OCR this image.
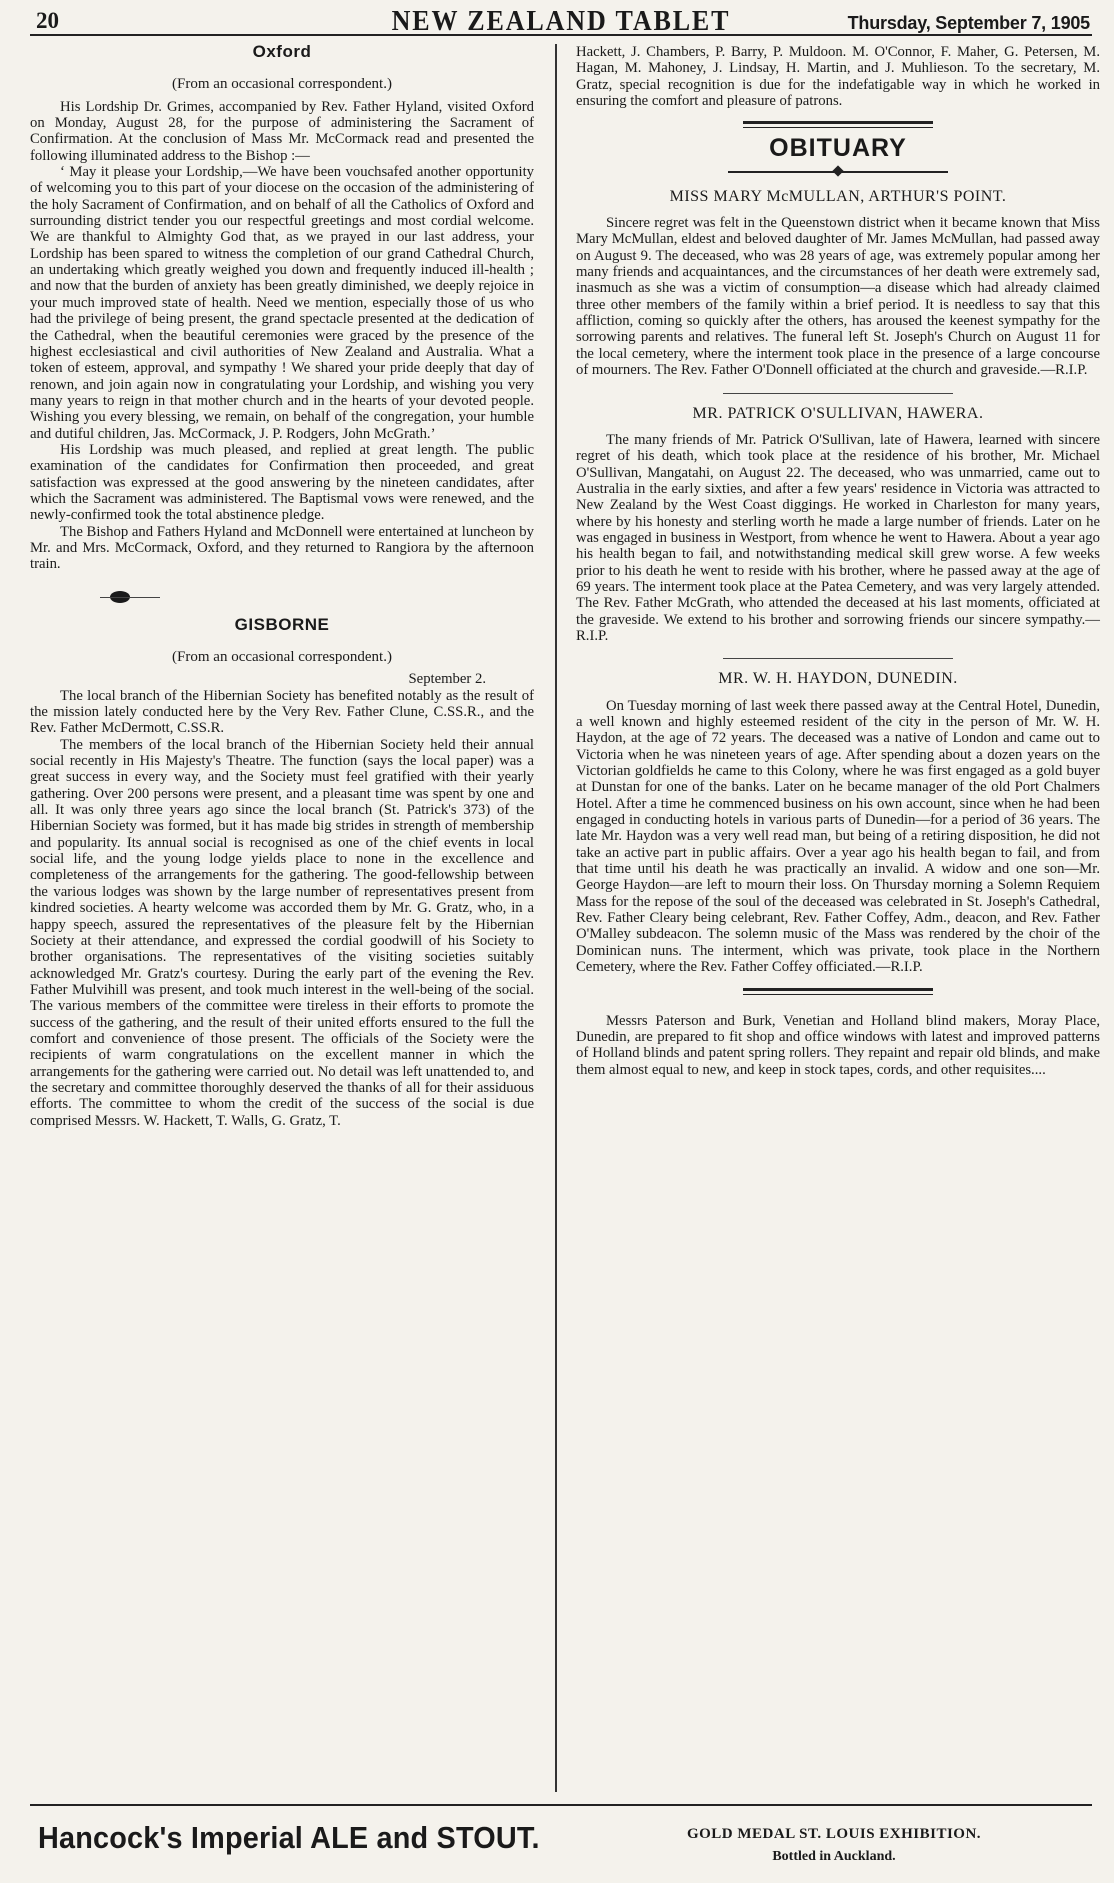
20	NEW ZEALAND TABLET	Thursday, September 7, 1905
Oxford
(From an occasional correspondent.)

His Lordship Dr. Grimes, accompanied by Rev. Father Hyland, visited Oxford on Monday, August 28, for the purpose of administering the Sacrament of Confirmation. At the conclusion of Mass Mr. McCormack read and presented the following illuminated address to the Bishop :—

‘ May it please your Lordship,—We have been vouchsafed another opportunity of welcoming you to this part of your diocese on the occasion of the administering of the holy Sacrament of Confirmation, and on behalf of all the Catholics of Oxford and surrounding district tender you our respectful greetings and most cordial welcome. We are thankful to Almighty God that, as we prayed in our last address, your Lordship has been spared to witness the completion of our grand Cathedral Church, an undertaking which greatly weighed you down and frequently induced ill-health ; and now that the burden of anxiety has been greatly diminished, we deeply rejoice in your much improved state of health. Need we mention, especially those of us who had the privilege of being present, the grand spectacle presented at the dedication of the Cathedral, when the beautiful ceremonies were graced by the presence of the highest ecclesiastical and civil authorities of New Zealand and Australia. What a token of esteem, approval, and sympathy ! We shared your pride deeply that day of renown, and join again now in congratulating your Lordship, and wishing you very many years to reign in that mother church and in the hearts of your devoted people. Wishing you every blessing, we remain, on behalf of the congregation, your humble and dutiful children, Jas. McCormack, J. P. Rodgers, John McGrath.’

His Lordship was much pleased, and replied at great length. The public examination of the candidates for Confirmation then proceeded, and great satisfaction was expressed at the good answering by the nineteen candidates, after which the Sacrament was administered. The Baptismal vows were renewed, and the newly-confirmed took the total abstinence pledge.

The Bishop and Fathers Hyland and McDonnell were entertained at luncheon by Mr. and Mrs. McCormack, Oxford, and they returned to Rangiora by the afternoon train.

GISBORNE
(From an occasional correspondent.)
September 2.

The local branch of the Hibernian Society has benefited notably as the result of the mission lately conducted here by the Very Rev. Father Clune, C.SS.R., and the Rev. Father McDermott, C.SS.R.

The members of the local branch of the Hibernian Society held their annual social recently in His Majesty's Theatre. The function (says the local paper) was a great success in every way, and the Society must feel gratified with their yearly gathering. Over 200 persons were present, and a pleasant time was spent by one and all. It was only three years ago since the local branch (St. Patrick's 373) of the Hibernian Society was formed, but it has made big strides in strength of membership and popularity. Its annual social is recognised as one of the chief events in local social life, and the young lodge yields place to none in the excellence and completeness of the arrangements for the gathering. The good-fellowship between the various lodges was shown by the large number of representatives present from kindred societies. A hearty welcome was accorded them by Mr. G. Gratz, who, in a happy speech, assured the representatives of the pleasure felt by the Hibernian Society at their attendance, and expressed the cordial goodwill of his Society to brother organisations. The representatives of the visiting societies suitably acknowledged Mr. Gratz's courtesy. During the early part of the evening the Rev. Father Mulvihill was present, and took much interest in the well-being of the social. The various members of the committee were tireless in their efforts to promote the success of the gathering, and the result of their united efforts ensured to the full the comfort and convenience of those present. The officials of the Society were the recipients of warm congratulations on the excellent manner in which the arrangements for the gathering were carried out. No detail was left unattended to, and the secretary and committee thoroughly deserved the thanks of all for their assiduous efforts. The committee to whom the credit of the success of the social is due comprised Messrs. W. Hackett, T. Walls, G. Gratz, T.

Hackett, J. Chambers, P. Barry, P. Muldoon. M. O'Connor, F. Maher, G. Petersen, M. Hagan, M. Mahoney, J. Lindsay, H. Martin, and J. Muhlieson. To the secretary, M. Gratz, special recognition is due for the indefatigable way in which he worked in ensuring the comfort and pleasure of patrons.

OBITUARY
MISS MARY McMULLAN, ARTHUR'S POINT.

Sincere regret was felt in the Queenstown district when it became known that Miss Mary McMullan, eldest and beloved daughter of Mr. James McMullan, had passed away on August 9. The deceased, who was 28 years of age, was extremely popular among her many friends and acquaintances, and the circumstances of her death were extremely sad, inasmuch as she was a victim of consumption—a disease which had already claimed three other members of the family within a brief period. It is needless to say that this affliction, coming so quickly after the others, has aroused the keenest sympathy for the sorrowing parents and relatives. The funeral left St. Joseph's Church on August 11 for the local cemetery, where the interment took place in the presence of a large concourse of mourners. The Rev. Father O'Donnell officiated at the church and graveside.—R.I.P.

MR. PATRICK O'SULLIVAN, HAWERA.

The many friends of Mr. Patrick O'Sullivan, late of Hawera, learned with sincere regret of his death, which took place at the residence of his brother, Mr. Michael O'Sullivan, Mangatahi, on August 22. The deceased, who was unmarried, came out to Australia in the early sixties, and after a few years' residence in Victoria was attracted to New Zealand by the West Coast diggings. He worked in Charleston for many years, where by his honesty and sterling worth he made a large number of friends. Later on he was engaged in business in Westport, from whence he went to Hawera. About a year ago his health began to fail, and notwithstanding medical skill grew worse. A few weeks prior to his death he went to reside with his brother, where he passed away at the age of 69 years. The interment took place at the Patea Cemetery, and was very largely attended. The Rev. Father McGrath, who attended the deceased at his last moments, officiated at the graveside. We extend to his brother and sorrowing friends our sincere sympathy.—R.I.P.

MR. W. H. HAYDON, DUNEDIN.

On Tuesday morning of last week there passed away at the Central Hotel, Dunedin, a well known and highly esteemed resident of the city in the person of Mr. W. H. Haydon, at the age of 72 years. The deceased was a native of London and came out to Victoria when he was nineteen years of age. After spending about a dozen years on the Victorian goldfields he came to this Colony, where he was first engaged as a gold buyer at Dunstan for one of the banks. Later on he became manager of the old Port Chalmers Hotel. After a time he commenced business on his own account, since when he had been engaged in conducting hotels in various parts of Dunedin—for a period of 36 years. The late Mr. Haydon was a very well read man, but being of a retiring disposition, he did not take an active part in public affairs. Over a year ago his health began to fail, and from that time until his death he was practically an invalid. A widow and one son—Mr. George Haydon—are left to mourn their loss. On Thursday morning a Solemn Requiem Mass for the repose of the soul of the deceased was celebrated in St. Joseph's Cathedral, Rev. Father Cleary being celebrant, Rev. Father Coffey, Adm., deacon, and Rev. Father O'Malley subdeacon. The solemn music of the Mass was rendered by the choir of the Dominican nuns. The interment, which was private, took place in the Northern Cemetery, where the Rev. Father Coffey officiated.—R.I.P.

Messrs Paterson and Burk, Venetian and Holland blind makers, Moray Place, Dunedin, are prepared to fit shop and office windows with latest and improved patterns of Holland blinds and patent spring rollers. They repaint and repair old blinds, and make them almost equal to new, and keep in stock tapes, cords, and other requisites....

Hancock's Imperial ALE and STOUT.	GOLD MEDAL ST. LOUIS EXHIBITION.
Bottled in Auckland.
